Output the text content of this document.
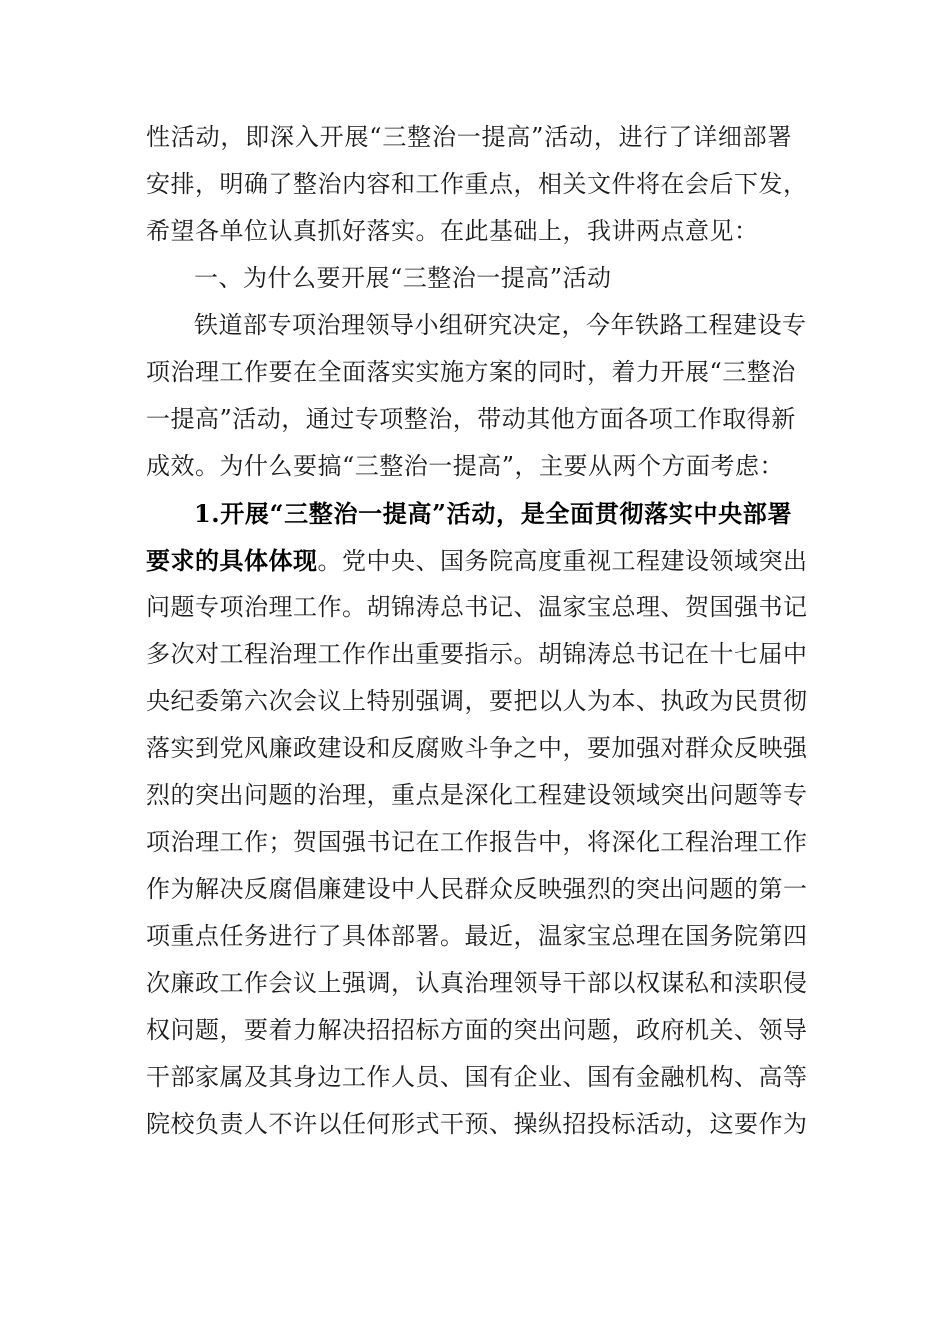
性活动，即深入开展“三整治一提高”活动，进行了详细部署
安排，明确了整治内容和工作重点，相关文件将在会后下发，
希望各单位认真抓好落实。在此基础上，我讲两点意见：
一、为什么要开展“三整治一提高”活动
铁道部专项治理领导小组研究决定，今年铁路工程建设专
项治理工作要在全面落实实施方案的同时，着力开展“三整治
一提高”活动，通过专项整治，带动其他方面各项工作取得新
成效。为什么要搞“三整治一提高”，主要从两个方面考虑：
1.开展“三整治一提高”活动，是全面贯彻落实中央部署
要求的具体体现。党中央、国务院高度重视工程建设领域突出
问题专项治理工作。胡锦涛总书记、温家宝总理、贺国强书记
多次对工程治理工作作出重要指示。胡锦涛总书记在十七届中
央纪委第六次会议上特别强调，要把以人为本、执政为民贯彻
落实到党风廉政建设和反腐败斗争之中，要加强对群众反映强
烈的突出问题的治理，重点是深化工程建设领域突出问题等专
项治理工作；贺国强书记在工作报告中，将深化工程治理工作
作为解决反腐倡廉建设中人民群众反映强烈的突出问题的第一
项重点任务进行了具体部署。最近，温家宝总理在国务院第四
次廉政工作会议上强调，认真治理领导干部以权谋私和渎职侵
权问题，要着力解决招招标方面的突出问题，政府机关、领导
干部家属及其身边工作人员、国有企业、国有金融机构、高等
院校负责人不许以任何形式干预、操纵招投标活动，这要作为
